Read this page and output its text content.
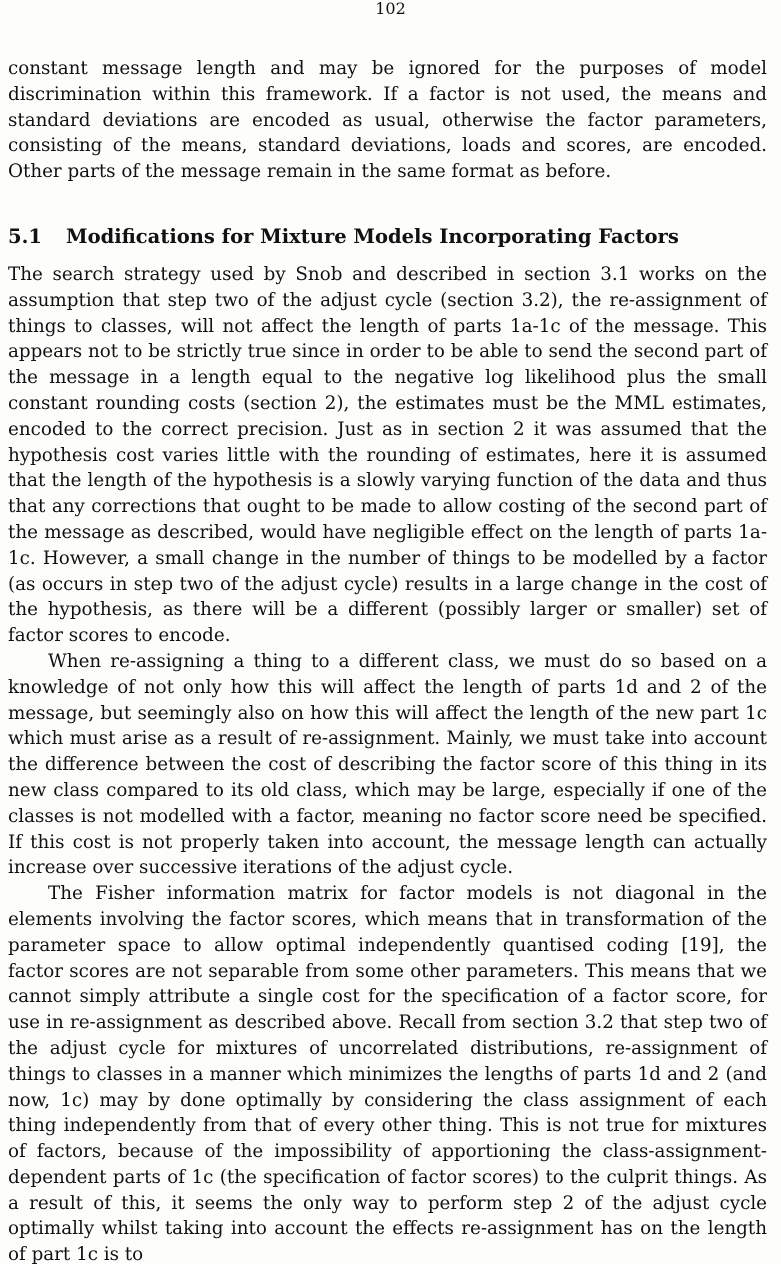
102

constant message length and may be ignored for the purposes of model discrimination within this framework. If a factor is not used, the means and standard deviations are encoded as usual, otherwise the factor parameters, consisting of the means, standard deviations, loads and scores, are encoded. Other parts of the message remain in the same format as before.

5.1 Modifications for Mixture Models Incorporating Factors

The search strategy used by Snob and described in section 3.1 works on the assumption that step two of the adjust cycle (section 3.2), the re-assignment of things to classes, will not affect the length of parts 1a-1c of the message. This appears not to be strictly true since in order to be able to send the second part of the message in a length equal to the negative log likelihood plus the small constant rounding costs (section 2), the estimates must be the MML estimates, encoded to the correct precision. Just as in section 2 it was assumed that the hypothesis cost varies little with the rounding of estimates, here it is assumed that the length of the hypothesis is a slowly varying function of the data and thus that any corrections that ought to be made to allow costing of the second part of the message as described, would have negligible effect on the length of parts 1a-1c. However, a small change in the number of things to be modelled by a factor (as occurs in step two of the adjust cycle) results in a large change in the cost of the hypothesis, as there will be a different (possibly larger or smaller) set of factor scores to encode.

When re-assigning a thing to a different class, we must do so based on a knowledge of not only how this will affect the length of parts 1d and 2 of the message, but seemingly also on how this will affect the length of the new part 1c which must arise as a result of re-assignment. Mainly, we must take into account the difference between the cost of describing the factor score of this thing in its new class compared to its old class, which may be large, especially if one of the classes is not modelled with a factor, meaning no factor score need be specified. If this cost is not properly taken into account, the message length can actually increase over successive iterations of the adjust cycle.

The Fisher information matrix for factor models is not diagonal in the elements involving the factor scores, which means that in transformation of the parameter space to allow optimal independently quantised coding [19], the factor scores are not separable from some other parameters. This means that we cannot simply attribute a single cost for the specification of a factor score, for use in re-assignment as described above. Recall from section 3.2 that step two of the adjust cycle for mixtures of uncorrelated distributions, re-assignment of things to classes in a manner which minimizes the lengths of parts 1d and 2 (and now, 1c) may by done optimally by considering the class assignment of each thing independently from that of every other thing. This is not true for mixtures of factors, because of the impossibility of apportioning the class-assignment-dependent parts of 1c (the specification of factor scores) to the culprit things. As a result of this, it seems the only way to perform step 2 of the adjust cycle optimally whilst taking into account the effects re-assignment has on the length of part 1c is to
